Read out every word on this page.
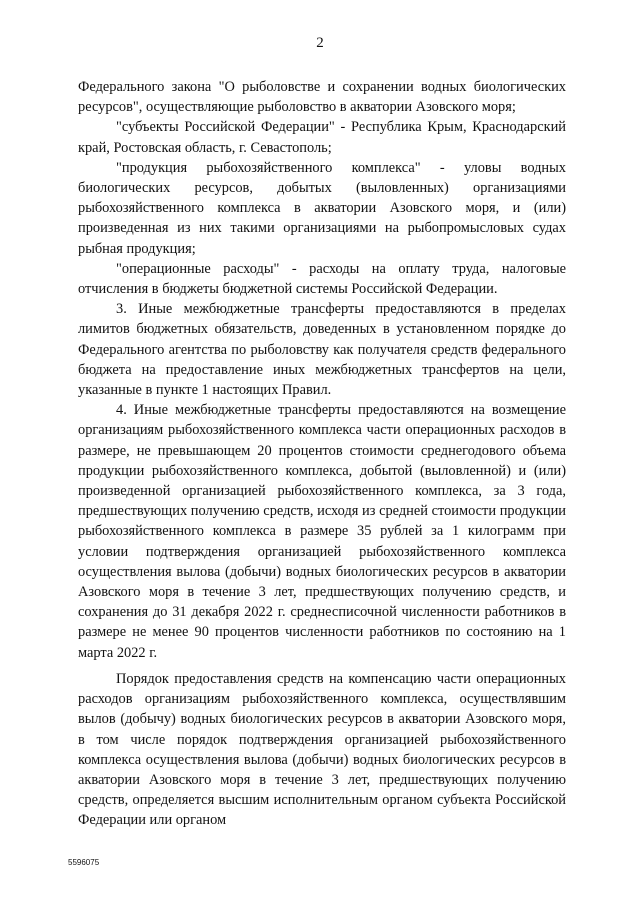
2

Федерального закона "О рыболовстве и сохранении водных биологических ресурсов", осуществляющие рыболовство в акватории Азовского моря;

"субъекты Российской Федерации" - Республика Крым, Краснодарский край, Ростовская область, г. Севастополь;

"продукция рыбохозяйственного комплекса" - уловы водных биологических ресурсов, добытых (выловленных) организациями рыбохозяйственного комплекса в акватории Азовского моря, и (или) произведенная из них такими организациями на рыбопромысловых судах рыбная продукция;

"операционные расходы" - расходы на оплату труда, налоговые отчисления в бюджеты бюджетной системы Российской Федерации.

3. Иные межбюджетные трансферты предоставляются в пределах лимитов бюджетных обязательств, доведенных в установленном порядке до Федерального агентства по рыболовству как получателя средств федерального бюджета на предоставление иных межбюджетных трансфертов на цели, указанные в пункте 1 настоящих Правил.

4. Иные межбюджетные трансферты предоставляются на возмещение организациям рыбохозяйственного комплекса части операционных расходов в размере, не превышающем 20 процентов стоимости среднегодового объема продукции рыбохозяйственного комплекса, добытой (выловленной) и (или) произведенной организацией рыбохозяйственного комплекса, за 3 года, предшествующих получению средств, исходя из средней стоимости продукции рыбохозяйственного комплекса в размере 35 рублей за 1 килограмм при условии подтверждения организацией рыбохозяйственного комплекса осуществления вылова (добычи) водных биологических ресурсов в акватории Азовского моря в течение 3 лет, предшествующих получению средств, и сохранения до 31 декабря 2022 г. среднесписочной численности работников в размере не менее 90 процентов численности работников по состоянию на 1 марта 2022 г.

Порядок предоставления средств на компенсацию части операционных расходов организациям рыбохозяйственного комплекса, осуществлявшим вылов (добычу) водных биологических ресурсов в акватории Азовского моря, в том числе порядок подтверждения организацией рыбохозяйственного комплекса осуществления вылова (добычи) водных биологических ресурсов в акватории Азовского моря в течение 3 лет, предшествующих получению средств, определяется высшим исполнительным органом субъекта Российской Федерации или органом

5596075
